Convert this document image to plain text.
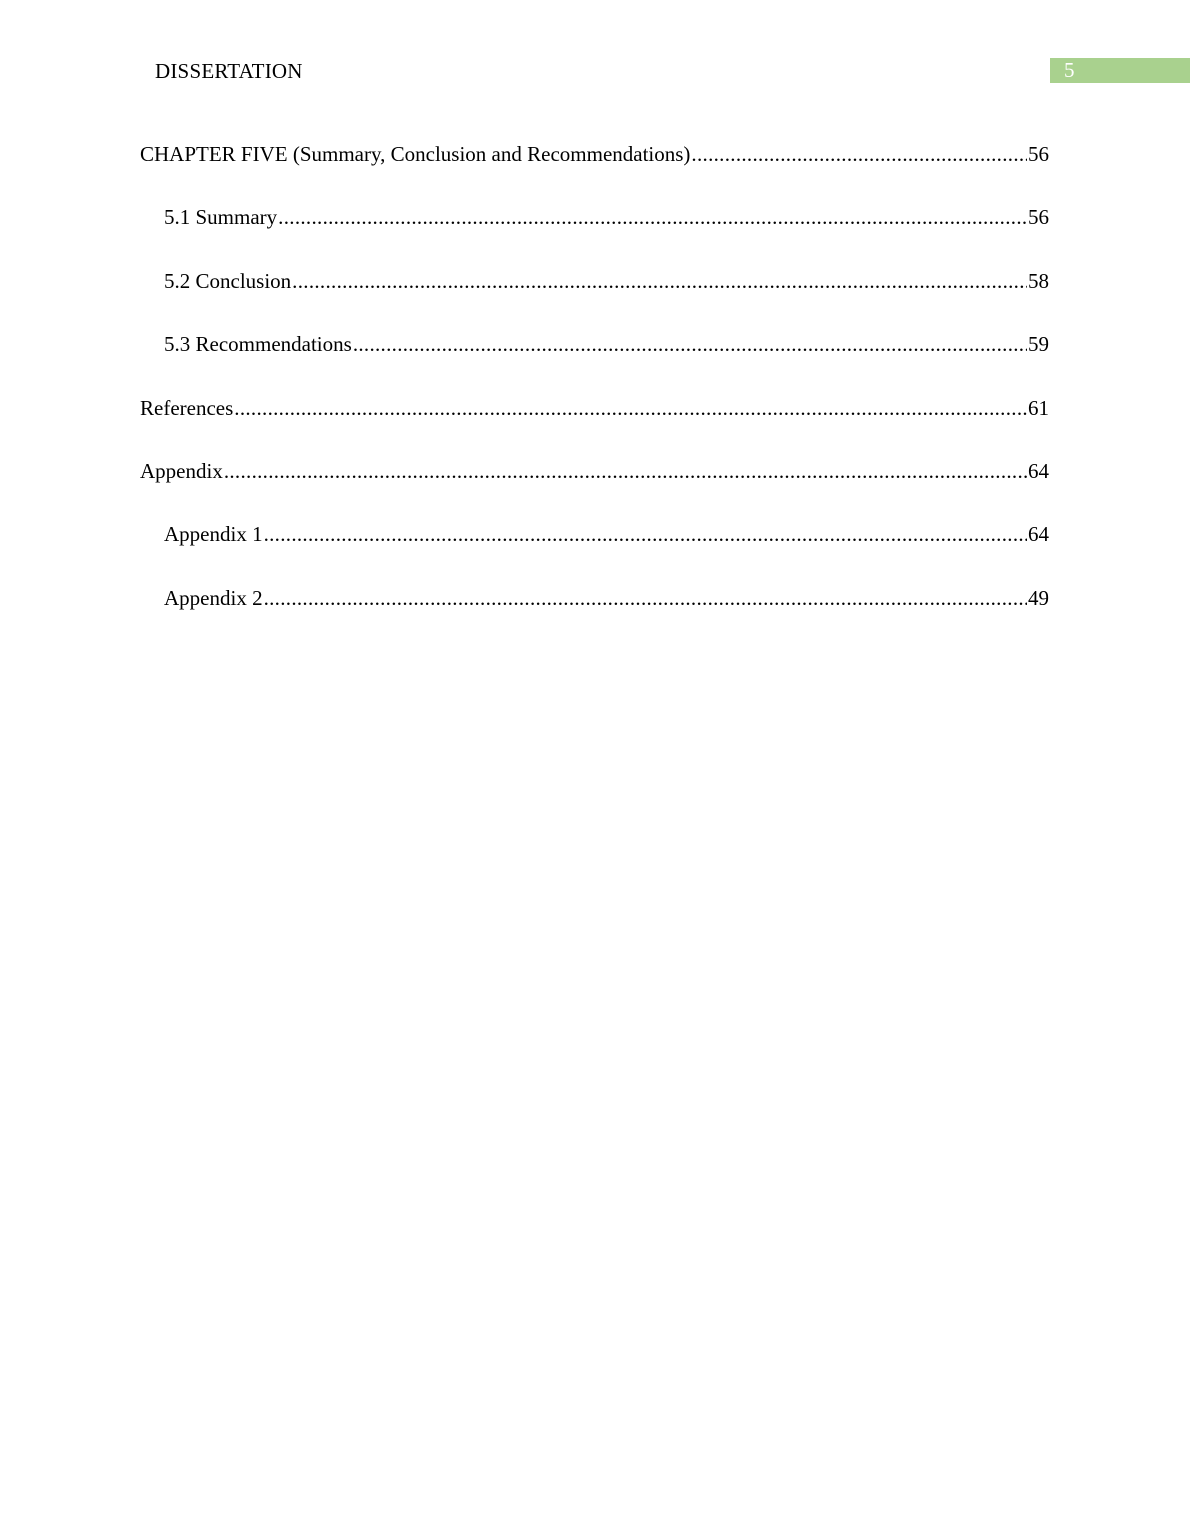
DISSERTATION	5
CHAPTER FIVE (Summary, Conclusion and Recommendations) .....	56
5.1 Summary .....	56
5.2 Conclusion .....	58
5.3 Recommendations .....	59
References .....	61
Appendix .....	64
Appendix 1 .....	64
Appendix 2 .....	49
